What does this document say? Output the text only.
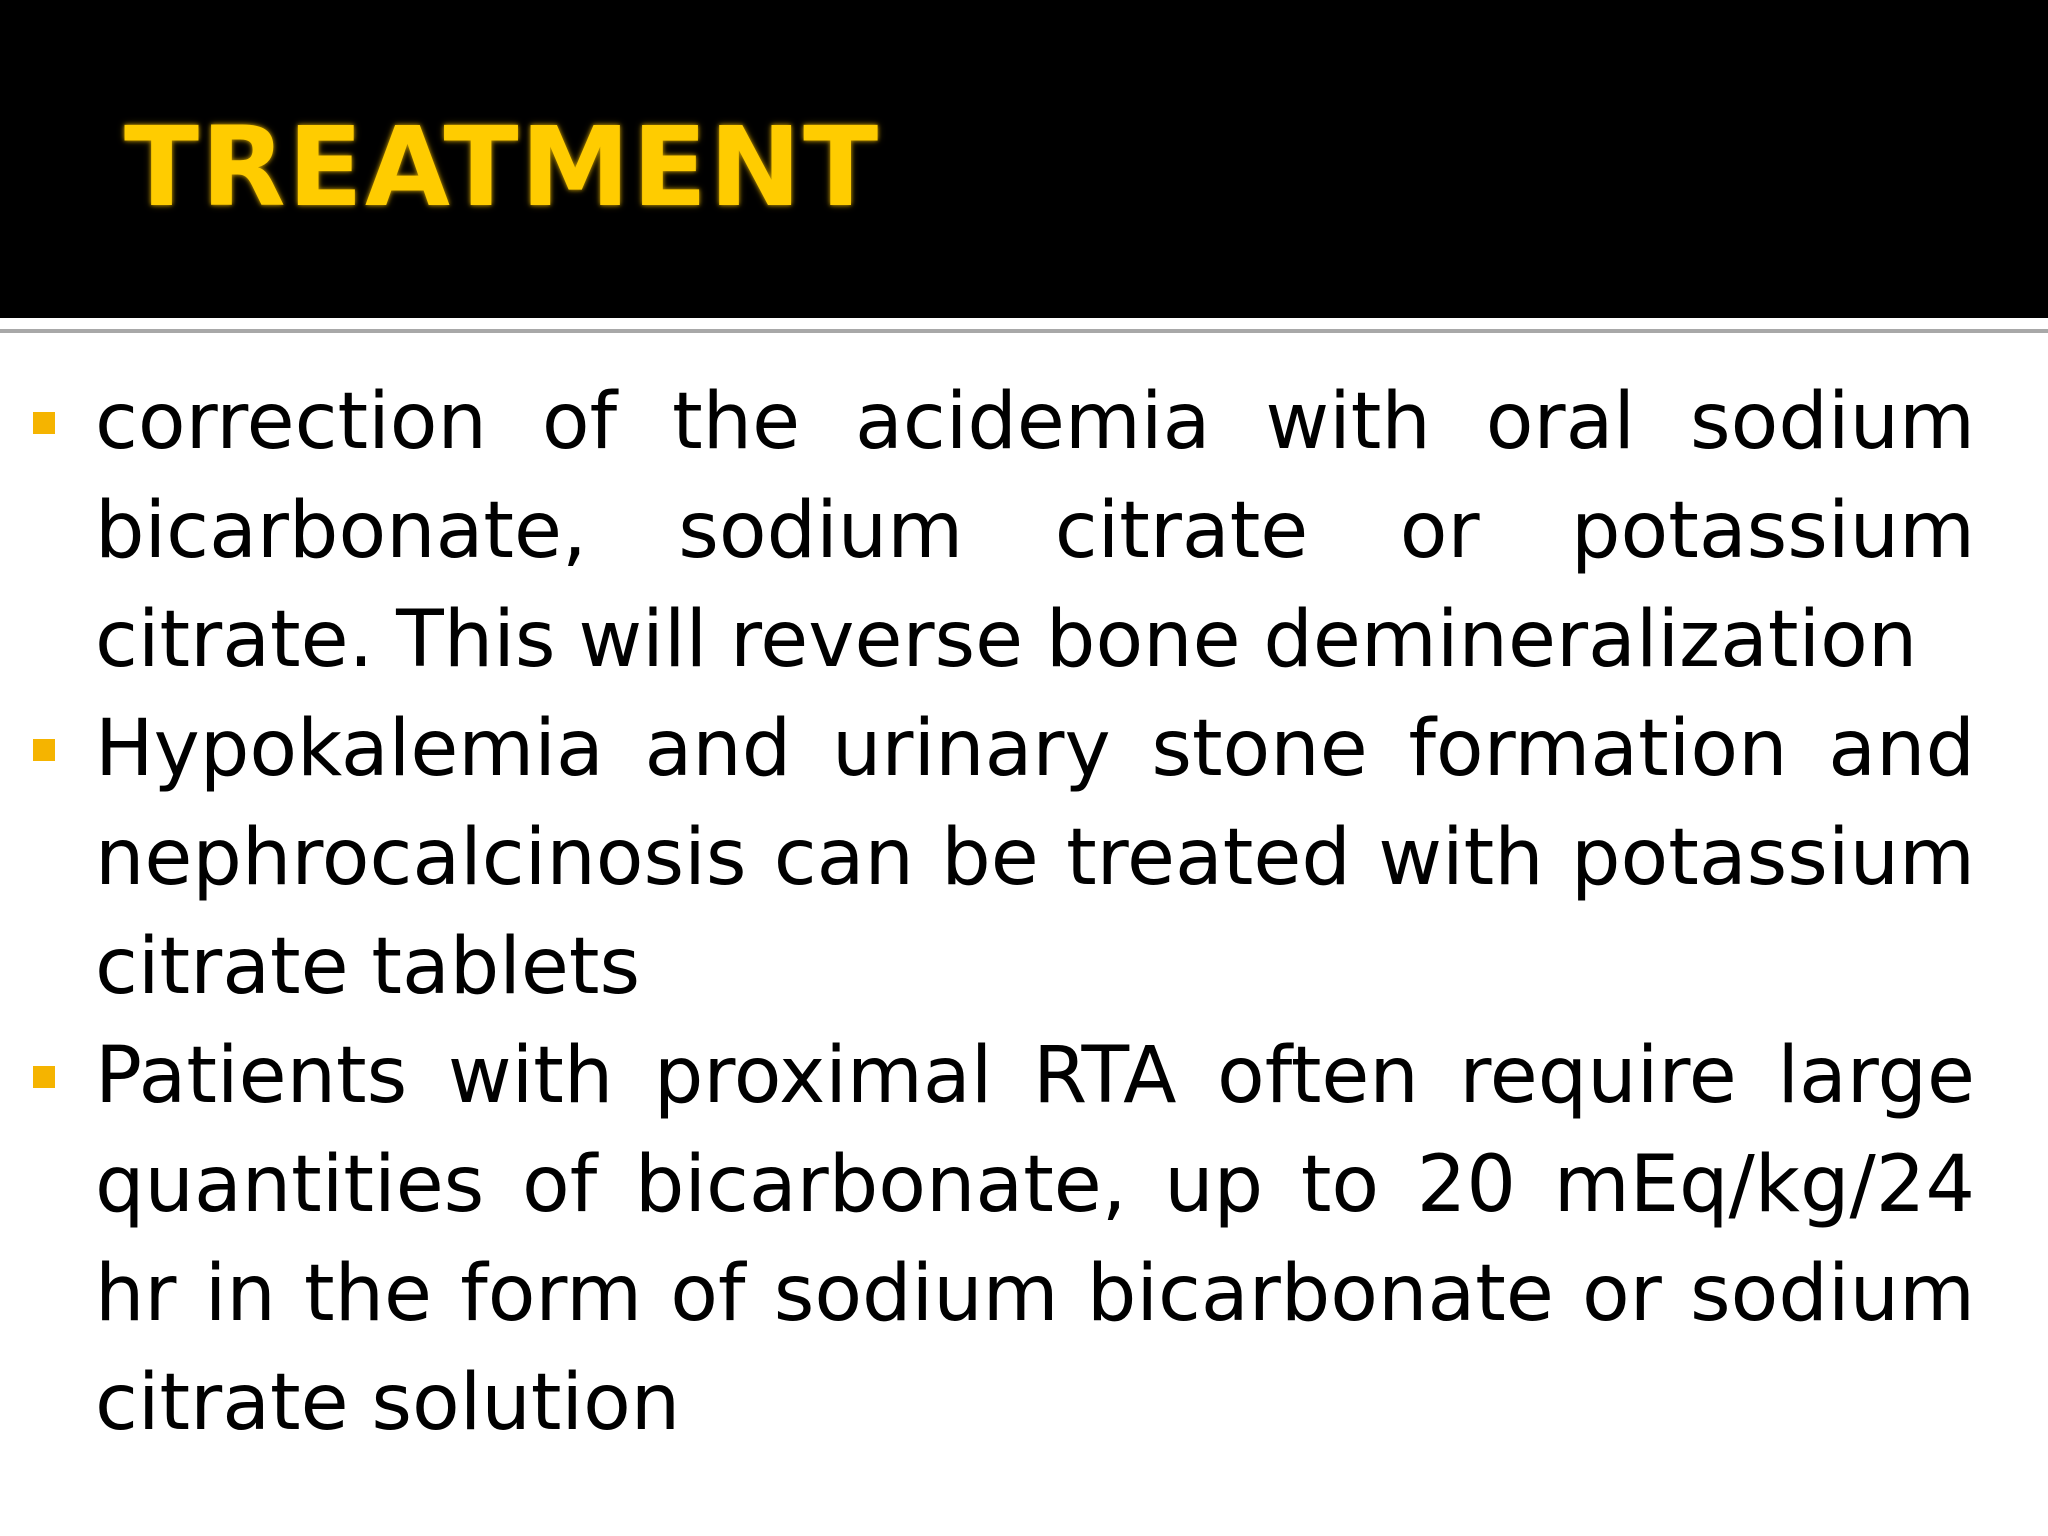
TREATMENT
correction of the acidemia with oral sodium bicarbonate, sodium citrate or potassium citrate. This will reverse bone demineralization
Hypokalemia and urinary stone formation and nephrocalcinosis can be treated with potassium citrate tablets
Patients with proximal RTA often require large quantities of bicarbonate, up to 20 mEq/kg/24 hr in the form of sodium bicarbonate or sodium citrate solution
